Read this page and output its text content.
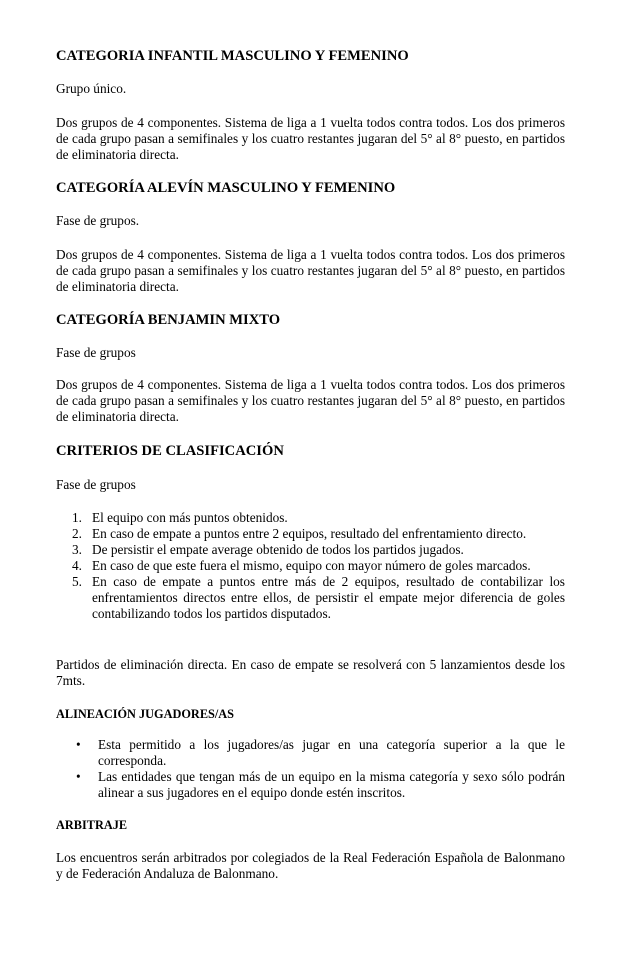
CATEGORIA INFANTIL MASCULINO Y FEMENINO
Grupo único.
Dos grupos de 4 componentes. Sistema de liga a 1 vuelta todos contra todos. Los dos primeros de cada grupo pasan a semifinales y los cuatro restantes jugaran del 5° al 8° puesto, en partidos de eliminatoria directa.
CATEGORÍA ALEVÍN MASCULINO Y FEMENINO
Fase de grupos.
Dos grupos de 4 componentes. Sistema de liga a 1 vuelta todos contra todos. Los dos primeros de cada grupo pasan a semifinales y los cuatro restantes jugaran del 5° al 8° puesto, en partidos de eliminatoria directa.
CATEGORÍA BENJAMIN MIXTO
Fase de grupos
Dos grupos de 4 componentes. Sistema de liga a 1 vuelta todos contra todos. Los dos primeros de cada grupo pasan a semifinales y los cuatro restantes jugaran del 5° al 8° puesto, en partidos de eliminatoria directa.
CRITERIOS DE CLASIFICACIÓN
Fase de grupos
1. El equipo con más puntos obtenidos.
2. En caso de empate a puntos entre 2 equipos, resultado del enfrentamiento directo.
3. De persistir el empate average obtenido de todos los partidos jugados.
4. En caso de que este fuera el mismo, equipo con mayor número de goles marcados.
5. En caso de empate a puntos entre más de 2 equipos, resultado de contabilizar los enfrentamientos directos entre ellos, de persistir el empate mejor diferencia de goles contabilizando todos los partidos disputados.
Partidos de eliminación directa. En caso de empate se resolverá con 5 lanzamientos desde los 7mts.
ALINEACIÓN JUGADORES/AS
• Esta permitido a los jugadores/as jugar en una categoría superior a la que le corresponda.
• Las entidades que tengan más de un equipo en la misma categoría y sexo sólo podrán alinear a sus jugadores en el equipo donde estén inscritos.
ARBITRAJE
Los encuentros serán arbitrados por colegiados de la Real Federación Española de Balonmano y de Federación Andaluza de Balonmano.
